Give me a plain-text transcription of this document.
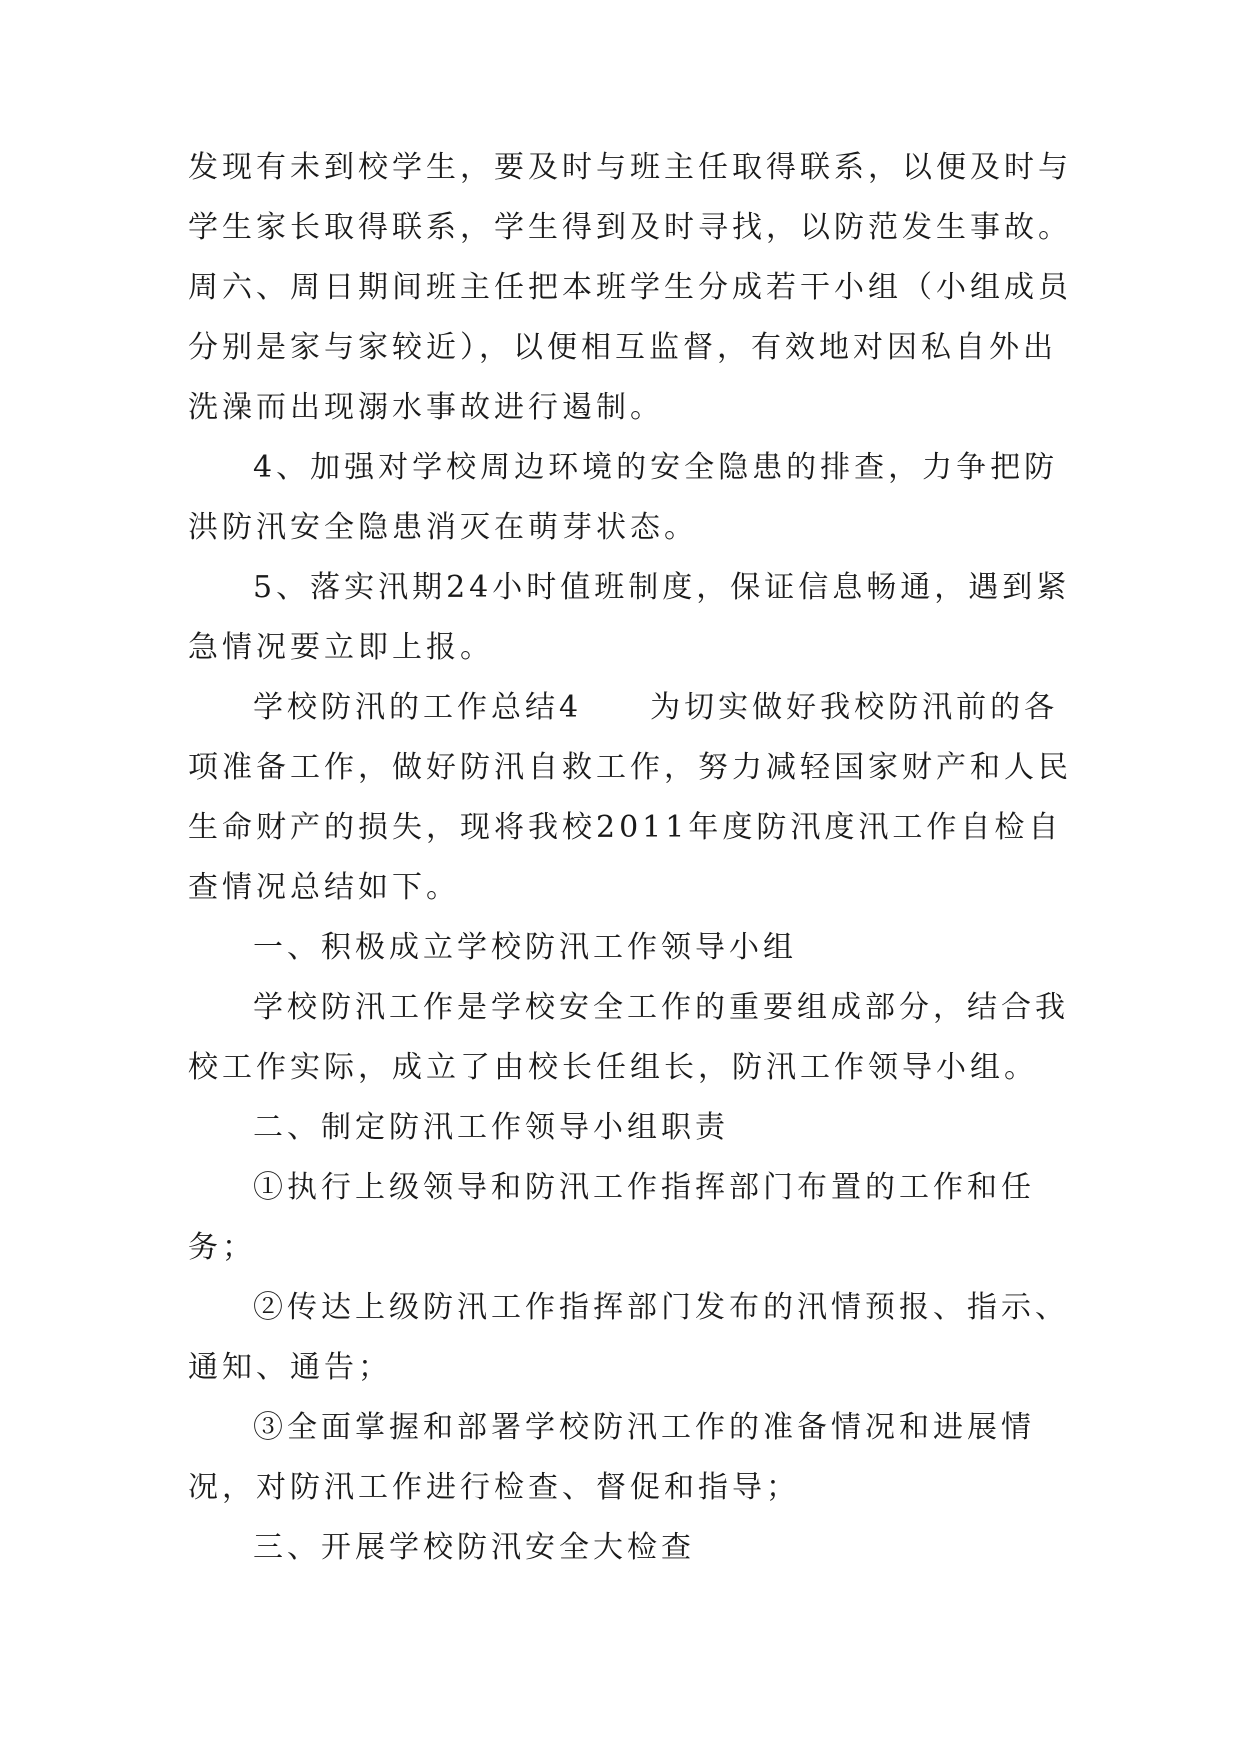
发现有未到校学生，要及时与班主任取得联系，以便及时与
学生家长取得联系，学生得到及时寻找，以防范发生事故。
周六、周日期间班主任把本班学生分成若干小组（小组成员
分别是家与家较近），以便相互监督，有效地对因私自外出
洗澡而出现溺水事故进行遏制。
4、加强对学校周边环境的安全隐患的排查，力争把防
洪防汛安全隐患消灭在萌芽状态。
5、落实汛期24小时值班制度，保证信息畅通，遇到紧
急情况要立即上报。
学校防汛的工作总结4　　为切实做好我校防汛前的各
项准备工作，做好防汛自救工作，努力减轻国家财产和人民
生命财产的损失，现将我校2011年度防汛度汛工作自检自
查情况总结如下。
一、积极成立学校防汛工作领导小组
学校防汛工作是学校安全工作的重要组成部分，结合我
校工作实际，成立了由校长任组长，防汛工作领导小组。
二、制定防汛工作领导小组职责
①执行上级领导和防汛工作指挥部门布置的工作和任
务；
②传达上级防汛工作指挥部门发布的汛情预报、指示、
通知、通告；
③全面掌握和部署学校防汛工作的准备情况和进展情
况，对防汛工作进行检查、督促和指导；
三、开展学校防汛安全大检查
